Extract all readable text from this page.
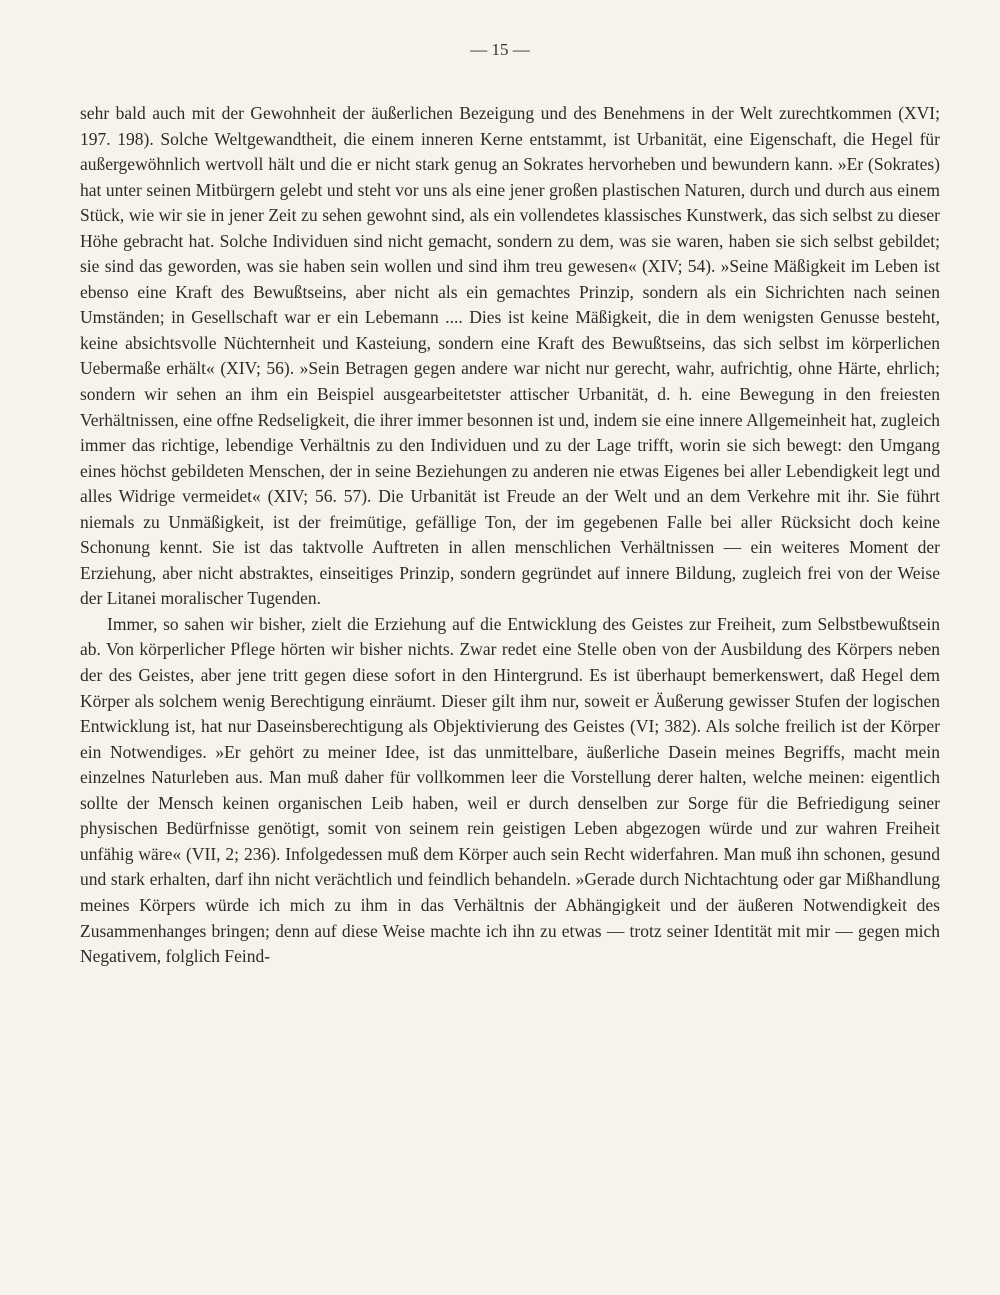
— 15 —

sehr bald auch mit der Gewohnheit der äußerlichen Bezeigung und des Benehmens in der Welt zurechtkommen (XVI; 197. 198). Solche Weltgewandtheit, die einem inneren Kerne entstammt, ist Urbanität, eine Eigenschaft, die Hegel für außergewöhnlich wertvoll hält und die er nicht stark genug an Sokrates hervorheben und bewundern kann. »Er (Sokrates) hat unter seinen Mitbürgern gelebt und steht vor uns als eine jener großen plastischen Naturen, durch und durch aus einem Stück, wie wir sie in jener Zeit zu sehen gewohnt sind, als ein vollendetes klassisches Kunstwerk, das sich selbst zu dieser Höhe gebracht hat. Solche Individuen sind nicht gemacht, sondern zu dem, was sie waren, haben sie sich selbst gebildet; sie sind das geworden, was sie haben sein wollen und sind ihm treu gewesen« (XIV; 54). »Seine Mäßigkeit im Leben ist ebenso eine Kraft des Bewußtseins, aber nicht als ein gemachtes Prinzip, sondern als ein Sichrichten nach seinen Umständen; in Gesellschaft war er ein Lebemann .... Dies ist keine Mäßigkeit, die in dem wenigsten Genusse besteht, keine absichtsvolle Nüchternheit und Kasteiung, sondern eine Kraft des Bewußtseins, das sich selbst im körperlichen Uebermaße erhält« (XIV; 56). »Sein Betragen gegen andere war nicht nur gerecht, wahr, aufrichtig, ohne Härte, ehrlich; sondern wir sehen an ihm ein Beispiel ausgearbeitetster attischer Urbanität, d. h. eine Bewegung in den freiesten Verhältnissen, eine offne Redseligkeit, die ihrer immer besonnen ist und, indem sie eine innere Allgemeinheit hat, zugleich immer das richtige, lebendige Verhältnis zu den Individuen und zu der Lage trifft, worin sie sich bewegt: den Umgang eines höchst gebildeten Menschen, der in seine Beziehungen zu anderen nie etwas Eigenes bei aller Lebendigkeit legt und alles Widrige vermeidet« (XIV; 56. 57). Die Urbanität ist Freude an der Welt und an dem Verkehre mit ihr. Sie führt niemals zu Unmäßigkeit, ist der freimütige, gefällige Ton, der im gegebenen Falle bei aller Rücksicht doch keine Schonung kennt. Sie ist das taktvolle Auftreten in allen menschlichen Verhältnissen — ein weiteres Moment der Erziehung, aber nicht abstraktes, einseitiges Prinzip, sondern gegründet auf innere Bildung, zugleich frei von der Weise der Litanei moralischer Tugenden.

Immer, so sahen wir bisher, zielt die Erziehung auf die Entwicklung des Geistes zur Freiheit, zum Selbstbewußtsein ab. Von körperlicher Pflege hörten wir bisher nichts. Zwar redet eine Stelle oben von der Ausbildung des Körpers neben der des Geistes, aber jene tritt gegen diese sofort in den Hintergrund. Es ist überhaupt bemerkenswert, daß Hegel dem Körper als solchem wenig Berechtigung einräumt. Dieser gilt ihm nur, soweit er Äußerung gewisser Stufen der logischen Entwicklung ist, hat nur Daseinsberechtigung als Objektivierung des Geistes (VI; 382). Als solche freilich ist der Körper ein Notwendiges. »Er gehört zu meiner Idee, ist das unmittelbare, äußerliche Dasein meines Begriffs, macht mein einzelnes Naturleben aus. Man muß daher für vollkommen leer die Vorstellung derer halten, welche meinen: eigentlich sollte der Mensch keinen organischen Leib haben, weil er durch denselben zur Sorge für die Befriedigung seiner physischen Bedürfnisse genötigt, somit von seinem rein geistigen Leben abgezogen würde und zur wahren Freiheit unfähig wäre« (VII, 2; 236). Infolgedessen muß dem Körper auch sein Recht widerfahren. Man muß ihn schonen, gesund und stark erhalten, darf ihn nicht verächtlich und feindlich behandeln. »Gerade durch Nichtachtung oder gar Mißhandlung meines Körpers würde ich mich zu ihm in das Verhältnis der Abhängigkeit und der äußeren Notwendigkeit des Zusammenhanges bringen; denn auf diese Weise machte ich ihn zu etwas — trotz seiner Identität mit mir — gegen mich Negativem, folglich Feind-
